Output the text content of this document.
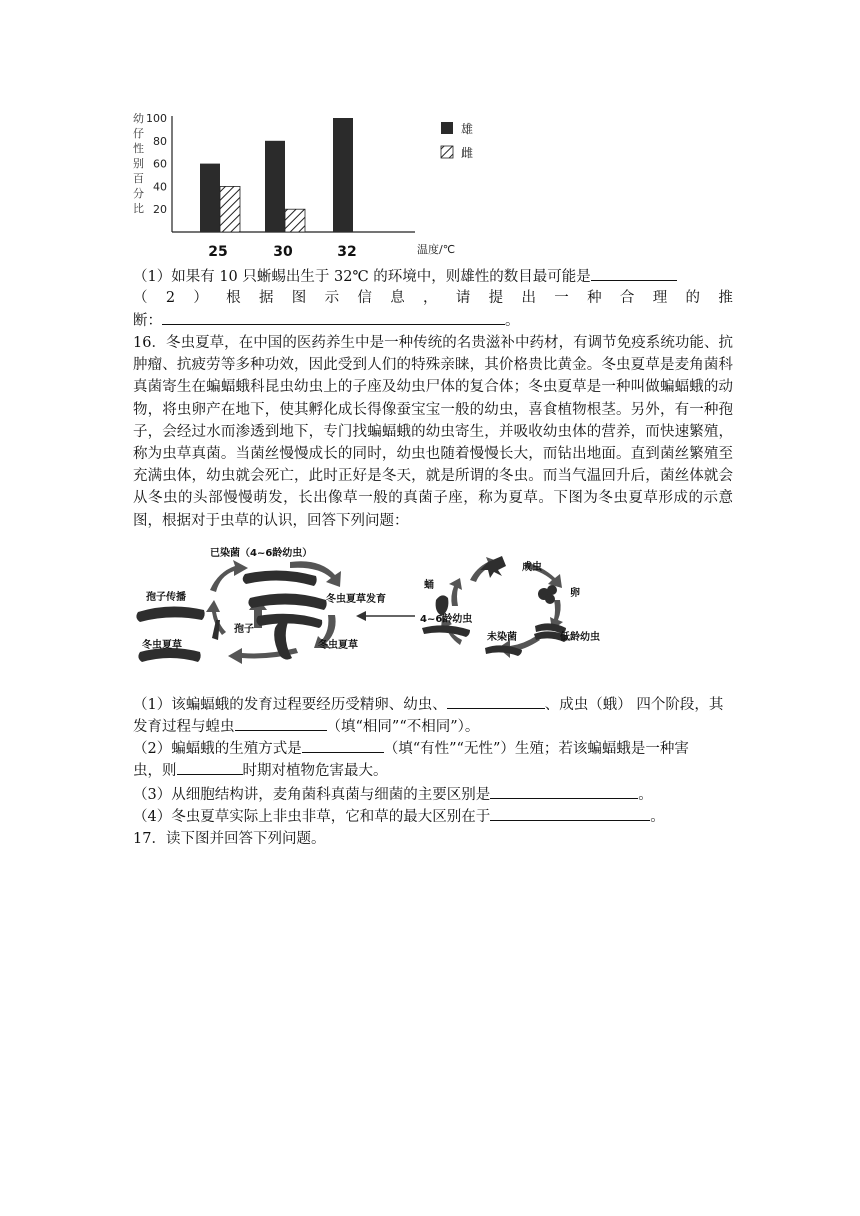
幼
仔
性
别
百
分
比 20
40
60
80
100
25	30	32	温度/℃
雄
雌
（1）如果有 10 只蜥蜴出生于 32℃ 的环境中，则雄性的数目最可能是
（ 2 ） 根 据 图 示 信 息 ， 请 提 出 一 种 合 理 的 推
断：	。
16．冬虫夏草，在中国的医药养生中是一种传统的名贵滋补中药材，有调节免疫系统功能、抗肿瘤、抗疲劳等多种功效，因此受到人们的特殊亲睐，其价格贵比黄金。冬虫夏草是麦角菌科真菌寄生在蝙蝠蛾科昆虫幼虫上的子座及幼虫尸体的复合体；冬虫夏草是一种叫做蝙蝠蛾的动物，将虫卵产在地下，使其孵化成长得像蚕宝宝一般的幼虫，喜食植物根茎。另外，有一种孢子，会经过水而渗透到地下，专门找蝙蝠蛾的幼虫寄生，并吸收幼虫体的营养，而快速繁殖，称为虫草真菌。当菌丝慢慢成长的同时，幼虫也随着慢慢长大，而钻出地面。直到菌丝繁殖至充满虫体，幼虫就会死亡，此时正好是冬天，就是所谓的冬虫。而当气温回升后，菌丝体就会从冬虫的头部慢慢萌发，长出像草一般的真菌子座，称为夏草。下图为冬虫夏草形成的示意图，根据对于虫草的认识，回答下列问题：
已染菌（4~6龄幼虫）
孢子传播	冬虫夏草发育
孢子
冬虫夏草	冬虫夏草
蛹
成虫
卵
4~6龄幼虫
低龄幼虫
未染菌
（1）该蝙蝠蛾的发育过程要经历受精卵、幼虫、	、成虫（蛾） 四个阶段，其
发育过程与蝗虫	（填“相同”“不相同”）。
（2）蝙蝠蛾的生殖方式是	（填“有性”“无性”）生殖；若该蝙蝠蛾是一种害
虫，则	时期对植物危害最大。
（3）从细胞结构讲，麦角菌科真菌与细菌的主要区别是	。
（4）冬虫夏草实际上非虫非草，它和草的最大区别在于	。
17．读下图并回答下列问题。
